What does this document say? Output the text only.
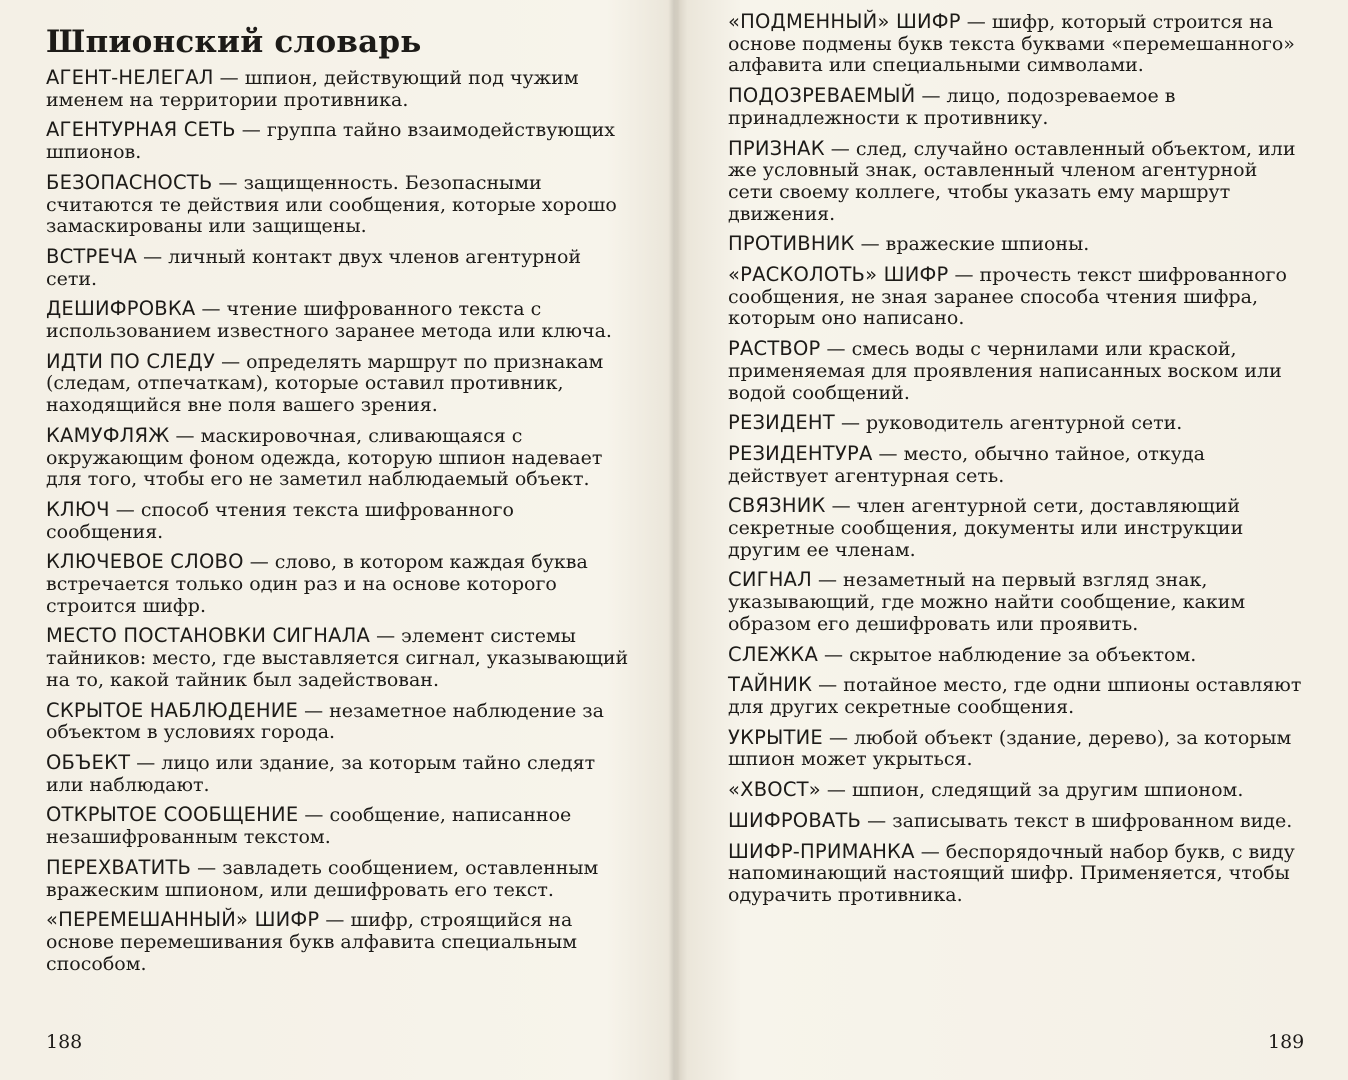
Шпионский словарь

АГЕНТ-НЕЛЕГАЛ — шпион, действующий под чужим именем на территории противника.

АГЕНТУРНАЯ СЕТЬ — группа тайно взаимодействующих шпионов.

БЕЗОПАСНОСТЬ — защищенность. Безопасными считаются те действия или сообщения, которые хорошо замаскированы или защищены.

ВСТРЕЧА — личный контакт двух членов агентурной сети.

ДЕШИФРОВКА — чтение шифрованного текста с использованием известного заранее метода или ключа.

ИДТИ ПО СЛЕДУ — определять маршрут по признакам (следам, отпечаткам), которые оставил противник, находящийся вне поля вашего зрения.

КАМУФЛЯЖ — маскировочная, сливающаяся с окружающим фоном одежда, которую шпион надевает для того, чтобы его не заметил наблюдаемый объект.

КЛЮЧ — способ чтения текста шифрованного сообщения.

КЛЮЧЕВОЕ СЛОВО — слово, в котором каждая буква встречается только один раз и на основе которого строится шифр.

МЕСТО ПОСТАНОВКИ СИГНАЛА — элемент системы тайников: место, где выставляется сигнал, указывающий на то, какой тайник был задействован.

СКРЫТОЕ НАБЛЮДЕНИЕ — незаметное наблюдение за объектом в условиях города.

ОБЪЕКТ — лицо или здание, за которым тайно следят или наблюдают.

ОТКРЫТОЕ СООБЩЕНИЕ — сообщение, написанное незашифрованным текстом.

ПЕРЕХВАТИТЬ — завладеть сообщением, оставленным вражеским шпионом, или дешифровать его текст.

«ПЕРЕМЕШАННЫЙ» ШИФР — шифр, строящийся на основе перемешивания букв алфавита специальным способом.

188

«ПОДМЕННЫЙ» ШИФР — шифр, который строится на основе подмены букв текста буквами «перемешанного» алфавита или специальными символами.

ПОДОЗРЕВАЕМЫЙ — лицо, подозреваемое в принадлежности к противнику.

ПРИЗНАК — след, случайно оставленный объектом, или же условный знак, оставленный членом агентурной сети своему коллеге, чтобы указать ему маршрут движения.

ПРОТИВНИК — вражеские шпионы.

«РАСКОЛОТЬ» ШИФР — прочесть текст шифрованного сообщения, не зная заранее способа чтения шифра, которым оно написано.

РАСТВОР — смесь воды с чернилами или краской, применяемая для проявления написанных воском или водой сообщений.

РЕЗИДЕНТ — руководитель агентурной сети.

РЕЗИДЕНТУРА — место, обычно тайное, откуда действует агентурная сеть.

СВЯЗНИК — член агентурной сети, доставляющий секретные сообщения, документы или инструкции другим ее членам.

СИГНАЛ — незаметный на первый взгляд знак, указывающий, где можно найти сообщение, каким образом его дешифровать или проявить.

СЛЕЖКА — скрытое наблюдение за объектом.

ТАЙНИК — потайное место, где одни шпионы оставляют для других секретные сообщения.

УКРЫТИЕ — любой объект (здание, дерево), за которым шпион может укрыться.

«ХВОСТ» — шпион, следящий за другим шпионом.

ШИФРОВАТЬ — записывать текст в шифрованном виде.

ШИФР-ПРИМАНКА — беспорядочный набор букв, с виду напоминающий настоящий шифр. Применяется, чтобы одурачить противника.

189
